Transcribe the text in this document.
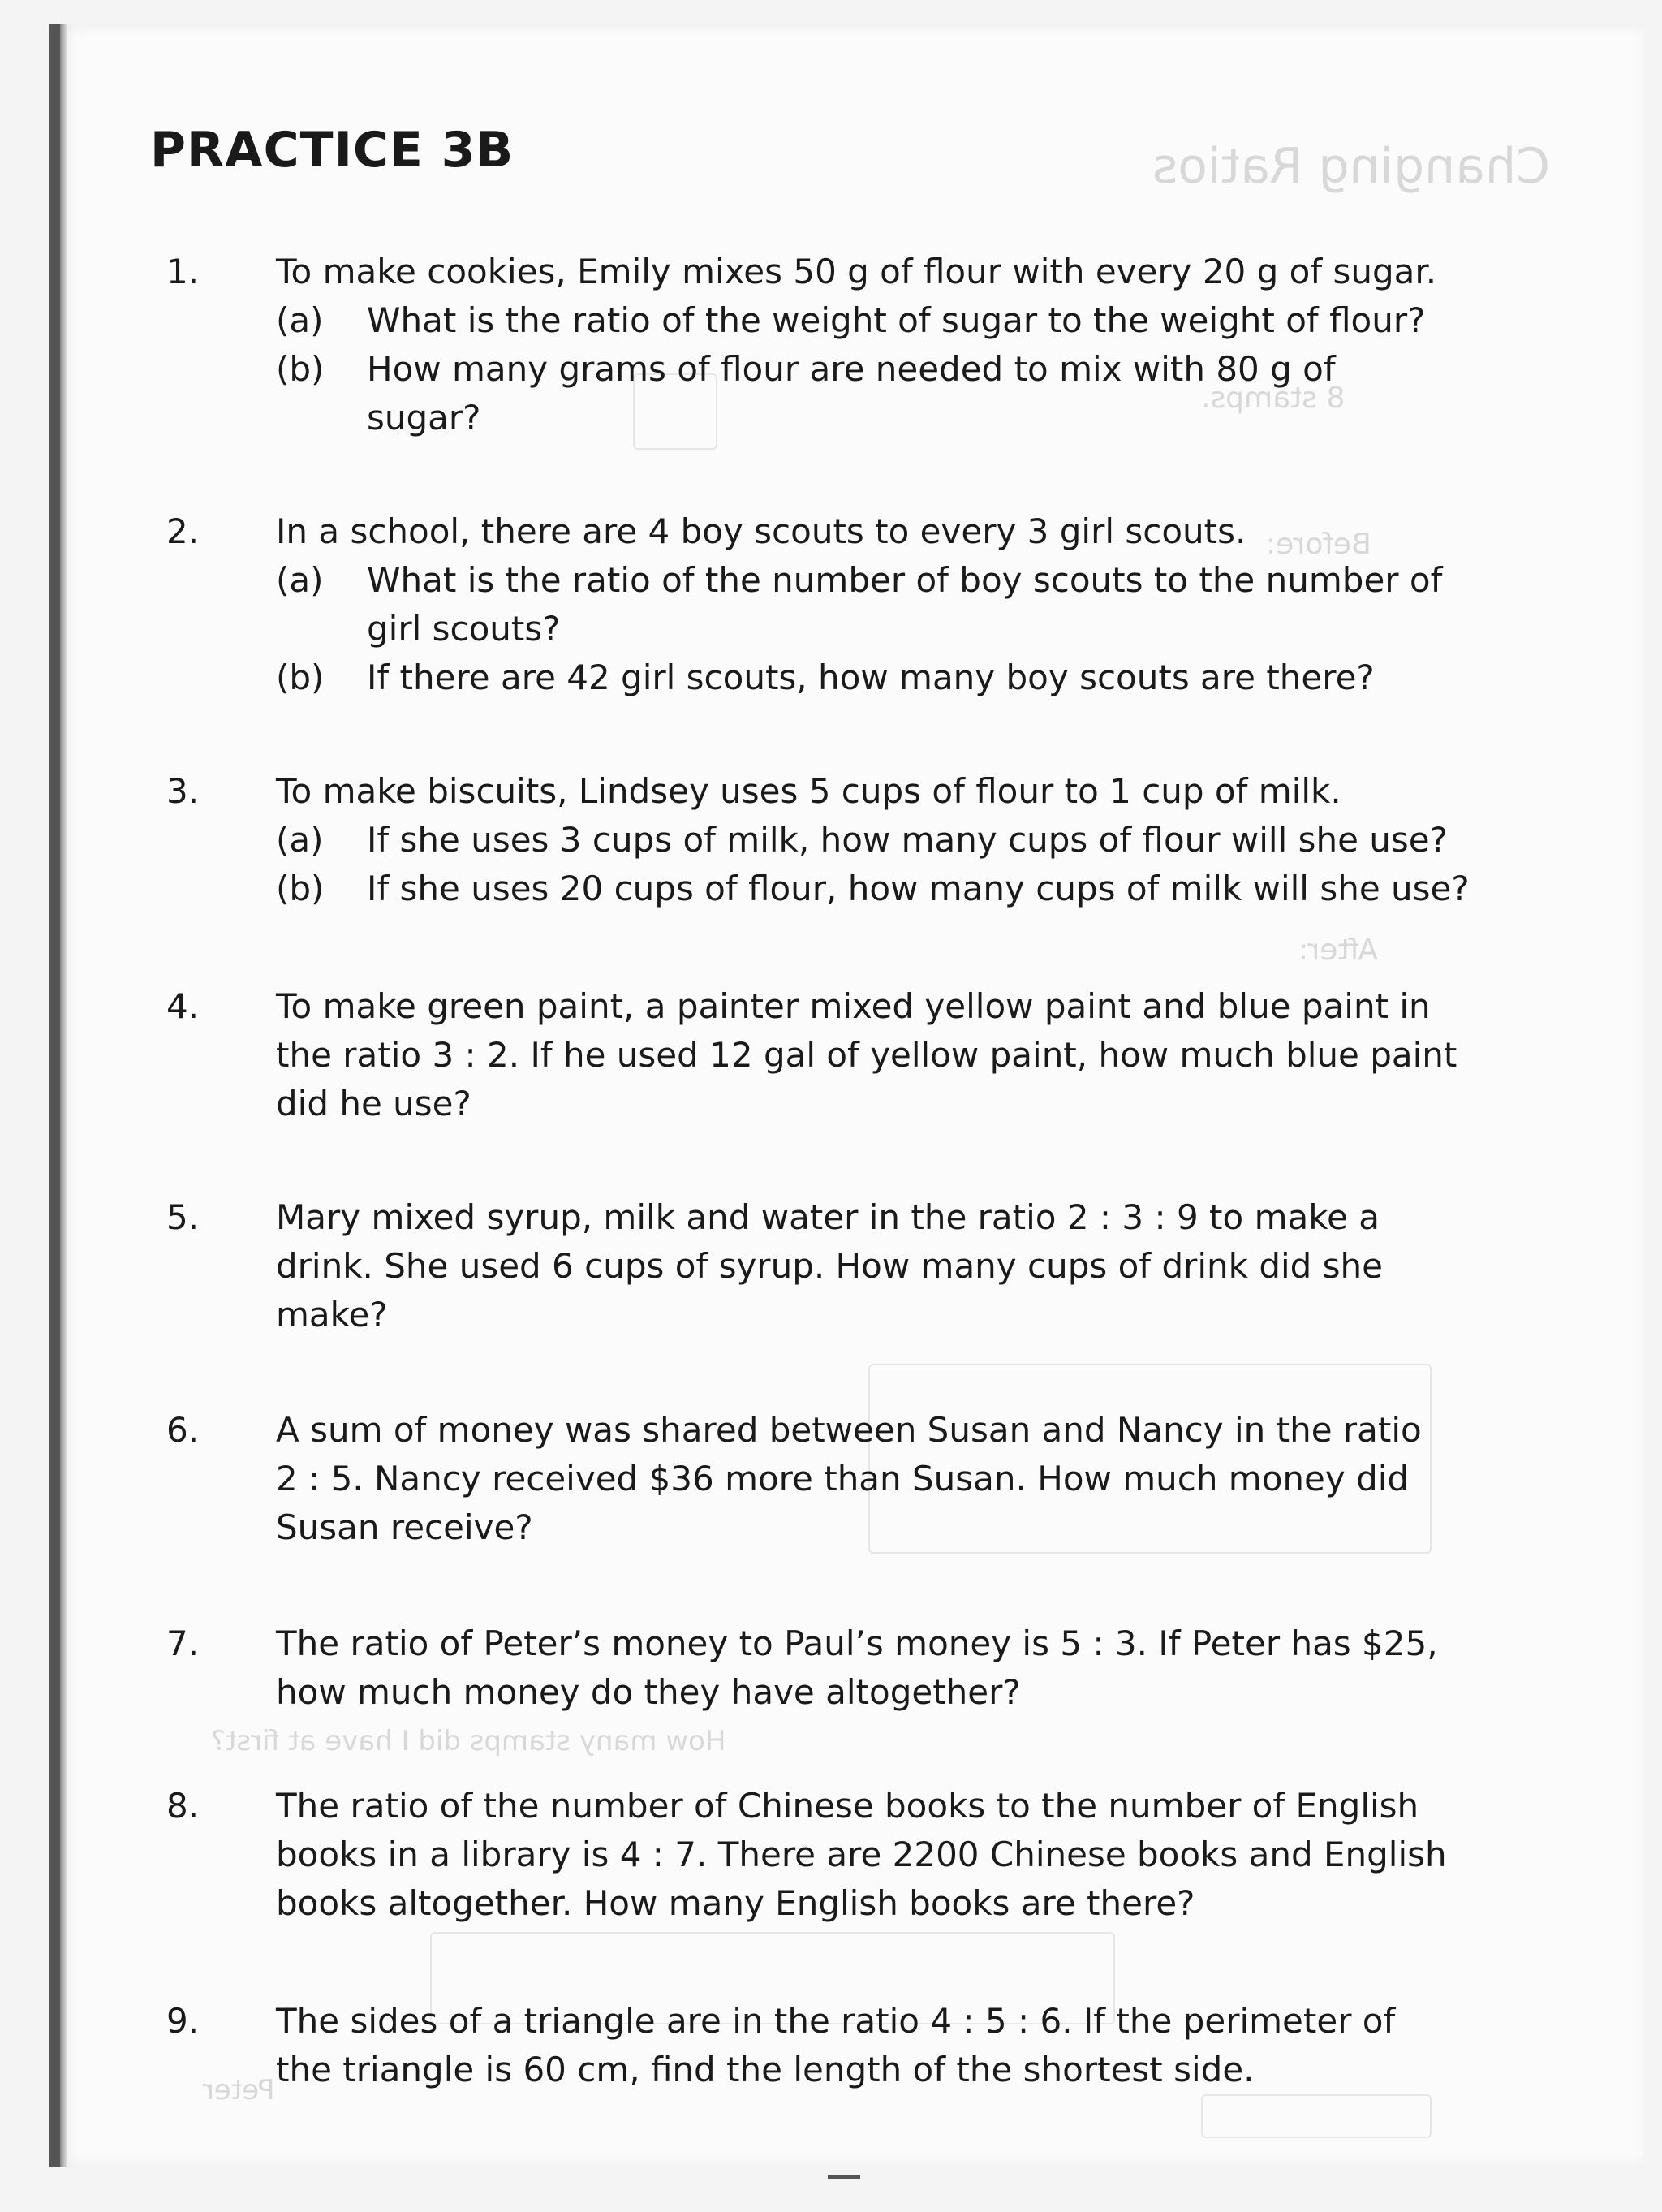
Changing Ratios
8 stamps.
Before:
After:
How many stamps did I have at first?
Peter
PRACTICE 3B
1. To make cookies, Emily mixes 50 g of flour with every 20 g of sugar.
(a) What is the ratio of the weight of sugar to the weight of flour?
(b) How many grams of flour are needed to mix with 80 g of
sugar?
2. In a school, there are 4 boy scouts to every 3 girl scouts.
(a) What is the ratio of the number of boy scouts to the number of
girl scouts?
(b) If there are 42 girl scouts, how many boy scouts are there?
3. To make biscuits, Lindsey uses 5 cups of flour to 1 cup of milk.
(a) If she uses 3 cups of milk, how many cups of flour will she use?
(b) If she uses 20 cups of flour, how many cups of milk will she use?
4. To make green paint, a painter mixed yellow paint and blue paint in
the ratio 3 : 2. If he used 12 gal of yellow paint, how much blue paint
did he use?
5. Mary mixed syrup, milk and water in the ratio 2 : 3 : 9 to make a
drink. She used 6 cups of syrup. How many cups of drink did she
make?
6. A sum of money was shared between Susan and Nancy in the ratio
2 : 5. Nancy received $36 more than Susan. How much money did
Susan receive?
7. The ratio of Peter’s money to Paul’s money is 5 : 3. If Peter has $25,
how much money do they have altogether?
8. The ratio of the number of Chinese books to the number of English
books in a library is 4 : 7. There are 2200 Chinese books and English
books altogether. How many English books are there?
9. The sides of a triangle are in the ratio 4 : 5 : 6. If the perimeter of
the triangle is 60 cm, find the length of the shortest side.
